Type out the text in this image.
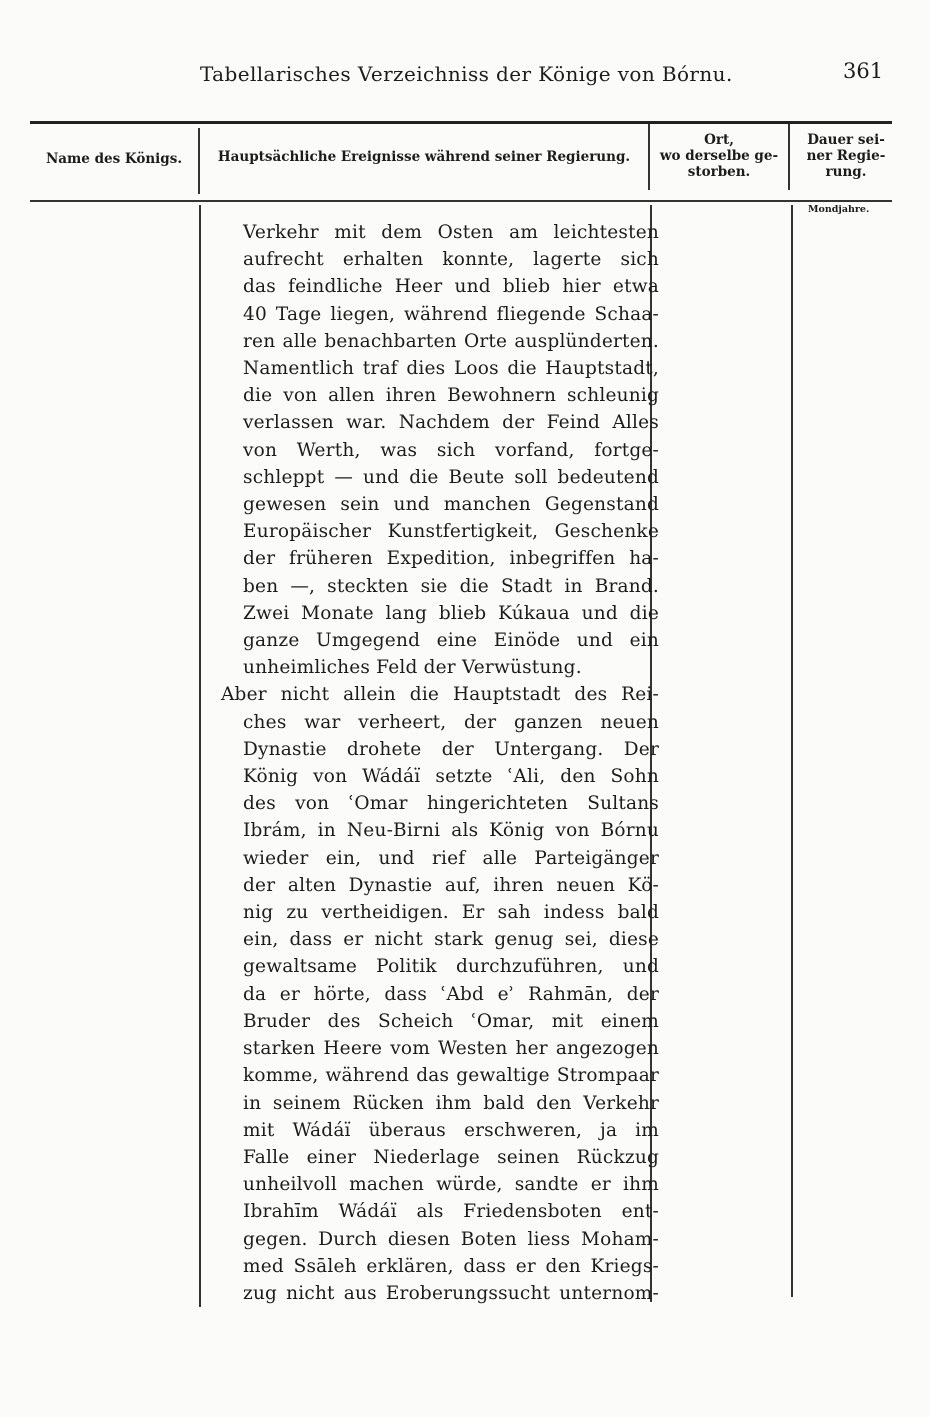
Tabellarisches Verzeichniss der Könige von Bórnu.	361
Name des Königs.	Hauptsächliche Ereignisse während seiner Regierung.
Ort,
wo derselbe ge-
storben.
Dauer sei-
ner Regie-
rung.
Mondjahre.
Verkehr mit dem Osten am leichtesten
aufrecht erhalten konnte, lagerte sich
das feindliche Heer und blieb hier etwa
40 Tage liegen, während fliegende Schaa-
ren alle benachbarten Orte ausplünderten.
Namentlich traf dies Loos die Hauptstadt,
die von allen ihren Bewohnern schleunig
verlassen war. Nachdem der Feind Alles
von Werth, was sich vorfand, fortge-
schleppt — und die Beute soll bedeutend
gewesen sein und manchen Gegenstand
Europäischer Kunstfertigkeit, Geschenke
der früheren Expedition, inbegriffen ha-
ben —, steckten sie die Stadt in Brand.
Zwei Monate lang blieb Kúkaua und die
ganze Umgegend eine Einöde und ein
unheimliches Feld der Verwüstung.
Aber nicht allein die Hauptstadt des Rei-
ches war verheert, der ganzen neuen
Dynastie drohete der Untergang. Der
König von Wádáï setzte ʿAli, den Sohn
des von ʿOmar hingerichteten Sultans
Ibrám, in Neu-Birni als König von Bórnu
wieder ein, und rief alle Parteigänger
der alten Dynastie auf, ihren neuen Kö-
nig zu vertheidigen. Er sah indess bald
ein, dass er nicht stark genug sei, diese
gewaltsame Politik durchzuführen, und
da er hörte, dass ʿAbd eʾ Rahmān, der
Bruder des Scheich ʿOmar, mit einem
starken Heere vom Westen her angezogen
komme, während das gewaltige Strompaar
in seinem Rücken ihm bald den Verkehr
mit Wádáï überaus erschweren, ja im
Falle einer Niederlage seinen Rückzug
unheilvoll machen würde, sandte er ihm
Ibrahīm Wádáï als Friedensboten ent-
gegen. Durch diesen Boten liess Moham-
med Ssāleh erklären, dass er den Kriegs-
zug nicht aus Eroberungssucht unternom-
